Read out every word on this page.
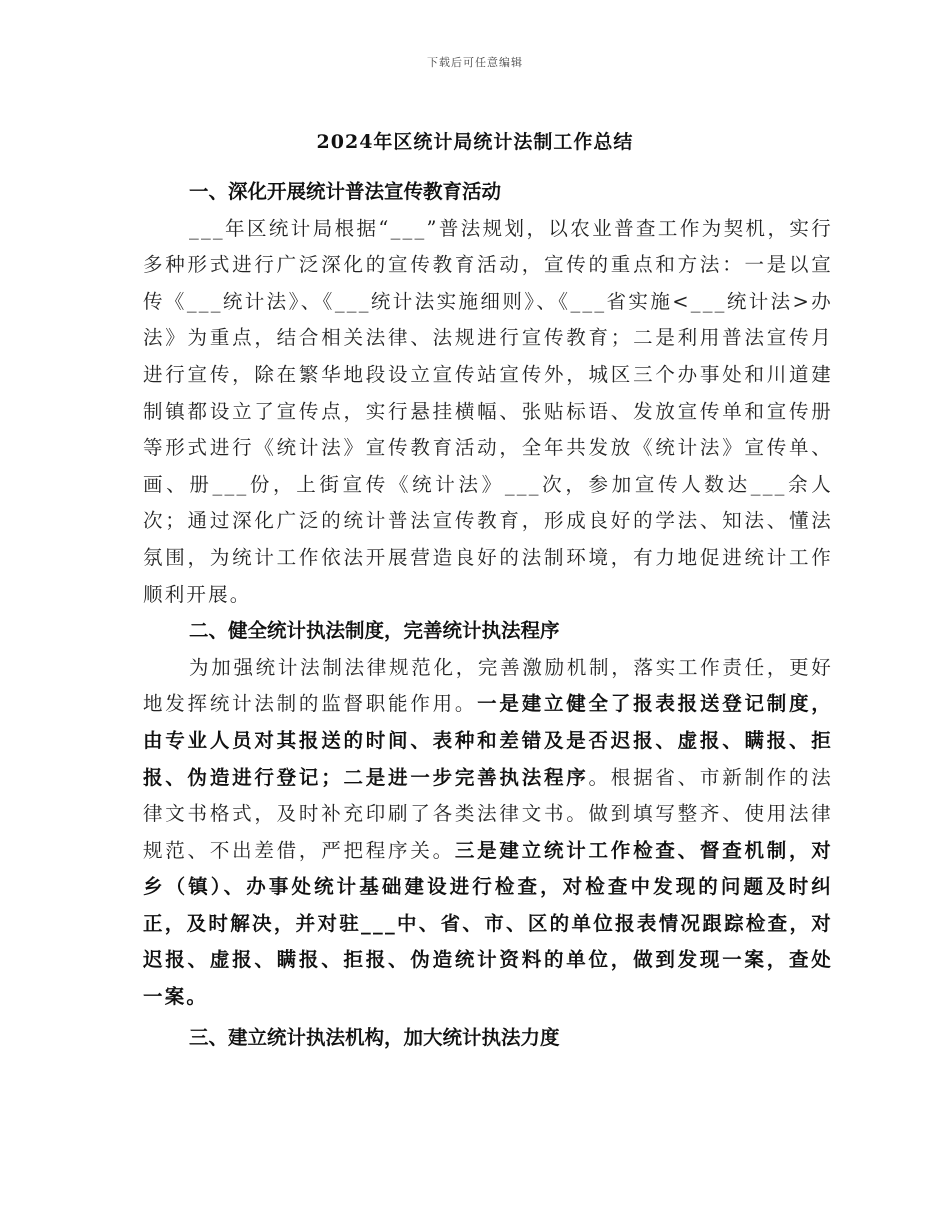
下载后可任意编辑
2024年区统计局统计法制工作总结

一、深化开展统计普法宣传教育活动

___年区统计局根据“___”普法规划，以农业普查工作为契机，实行多种形式进行广泛深化的宣传教育活动，宣传的重点和方法：一是以宣传《___统计法》、《___统计法实施细则》、《___省实施<___统计法>办法》为重点，结合相关法律、法规进行宣传教育；二是利用普法宣传月进行宣传，除在繁华地段设立宣传站宣传外，城区三个办事处和川道建制镇都设立了宣传点，实行悬挂横幅、张贴标语、发放宣传单和宣传册等形式进行《统计法》宣传教育活动，全年共发放《统计法》宣传单、画、册___份，上街宣传《统计法》___次，参加宣传人数达___余人次；通过深化广泛的统计普法宣传教育，形成良好的学法、知法、懂法氛围，为统计工作依法开展营造良好的法制环境，有力地促进统计工作顺利开展。

二、健全统计执法制度，完善统计执法程序

为加强统计法制法律规范化，完善激励机制，落实工作责任，更好地发挥统计法制的监督职能作用。一是建立健全了报表报送登记制度，由专业人员对其报送的时间、表种和差错及是否迟报、虚报、瞒报、拒报、伪造进行登记；二是进一步完善执法程序。根据省、市新制作的法律文书格式，及时补充印刷了各类法律文书。做到填写整齐、使用法律规范、不出差借，严把程序关。三是建立统计工作检查、督查机制，对乡（镇）、办事处统计基础建设进行检查，对检查中发现的问题及时纠正，及时解决，并对驻___中、省、市、区的单位报表情况跟踪检查，对迟报、虚报、瞒报、拒报、伪造统计资料的单位，做到发现一案，查处一案。

三、建立统计执法机构，加大统计执法力度
